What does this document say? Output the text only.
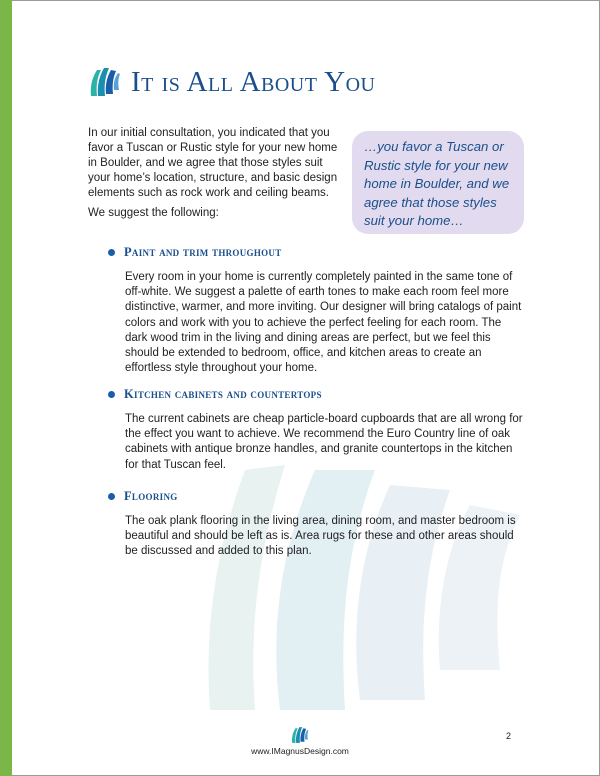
It is All About You

In our initial consultation, you indicated that you favor a Tuscan or Rustic style for your new home in Boulder, and we agree that those styles suit your home’s location, structure, and basic design elements such as rock work and ceiling beams.

We suggest the following:

…you favor a Tuscan or Rustic style for your new home in Boulder, and we agree that those styles suit your home…
Paint and trim throughout

Every room in your home is currently completely painted in the same tone of off-white. We suggest a palette of earth tones to make each room feel more distinctive, warmer, and more inviting. Our designer will bring catalogs of paint colors and work with you to achieve the perfect feeling for each room. The dark wood trim in the living and dining areas are perfect, but we feel this should be extended to bedroom, office, and kitchen areas to create an effortless style throughout your home.

Kitchen cabinets and countertops

The current cabinets are cheap particle-board cupboards that are all wrong for the effect you want to achieve. We recommend the Euro Country line of oak cabinets with antique bronze handles, and granite countertops in the kitchen for that Tuscan feel.

Flooring

The oak plank flooring in the living area, dining room, and master bedroom is beautiful and should be left as is. Area rugs for these and other areas should be discussed and added to this plan.

www.IMagnusDesign.com
2
